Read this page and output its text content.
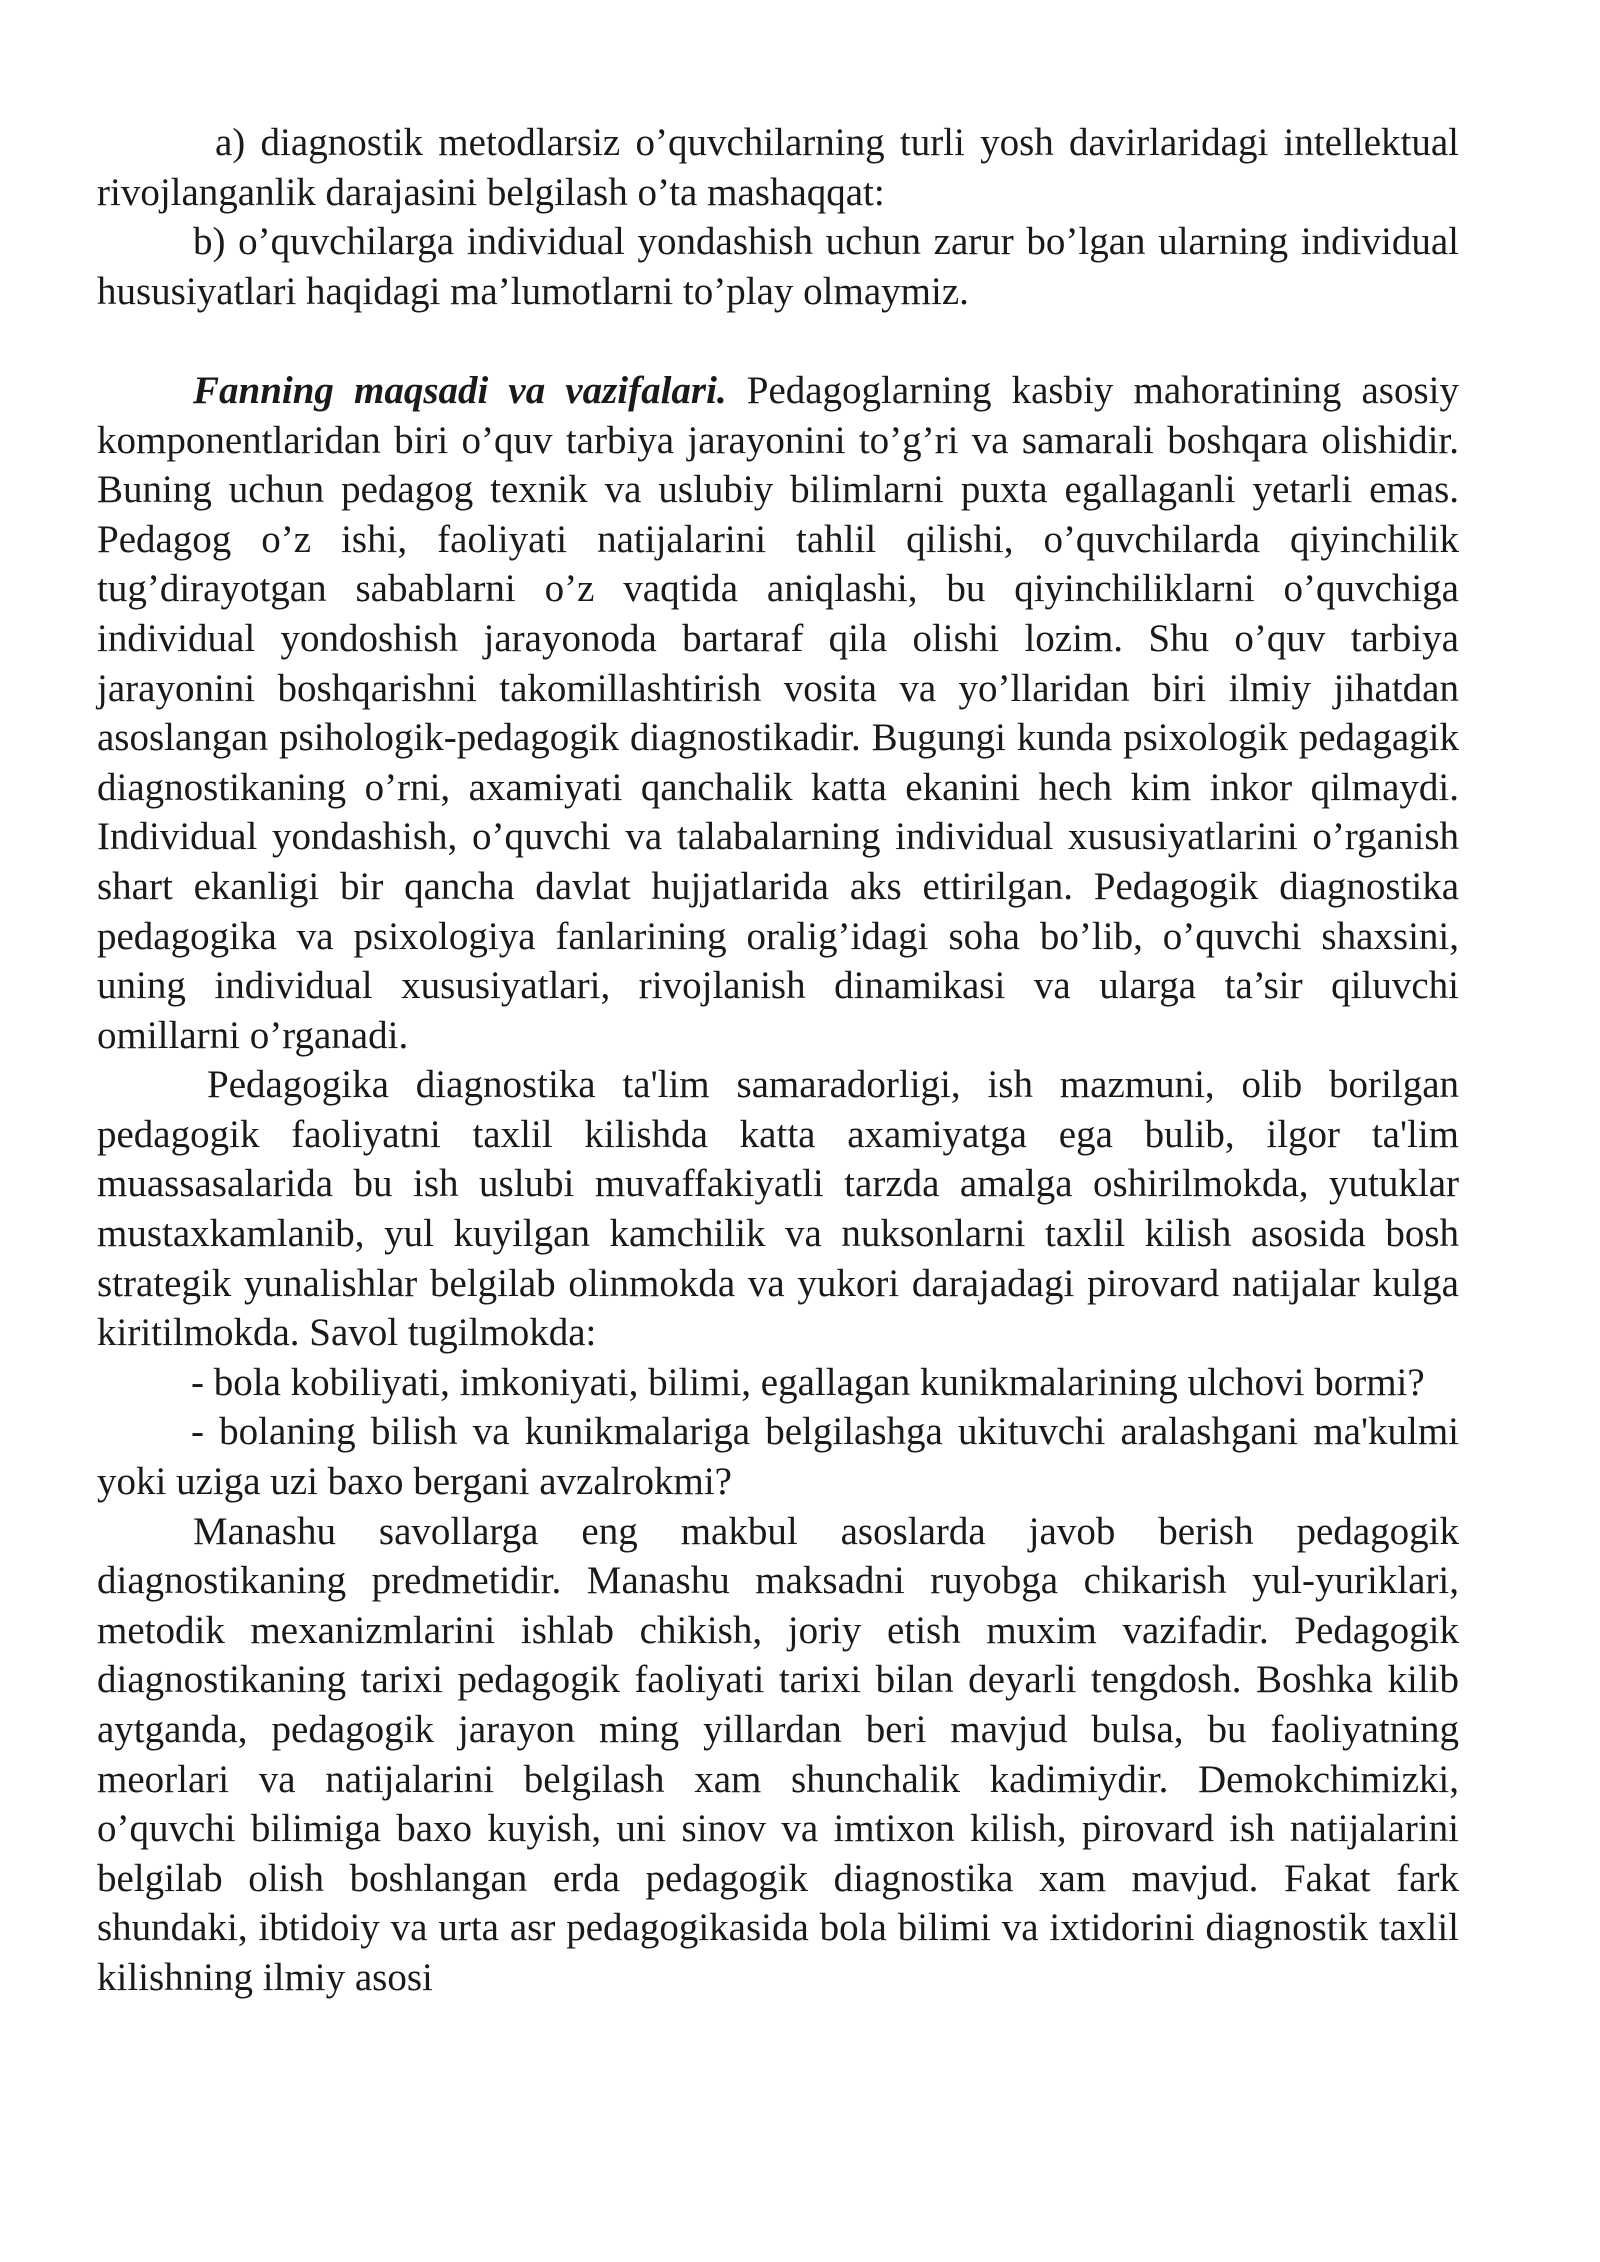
a) diagnostik metodlarsiz o’quvchilarning turli yosh davirlaridagi intellektual rivojlanganlik darajasini belgilash o’ta mashaqqat:

b) o’quvchilarga individual yondashish uchun zarur bo’lgan ularning individual hususiyatlari haqidagi ma’lumotlarni to’play olmaymiz.

Fanning maqsadi va vazifalari. Pedagoglarning kasbiy mahoratining asosiy komponentlaridan biri o’quv tarbiya jarayonini to’g’ri va samarali boshqara olishidir. Buning uchun pedagog texnik va uslubiy bilimlarni puxta egallaganli yetarli emas. Pedagog o’z ishi, faoliyati natijalarini tahlil qilishi, o’quvchilarda qiyinchilik tug’dirayotgan sabablarni o’z vaqtida aniqlashi, bu qiyinchiliklarni o’quvchiga individual yondoshish jarayonoda bartaraf qila olishi lozim. Shu o’quv tarbiya jarayonini boshqarishni takomillashtirish vosita va yo’llaridan biri ilmiy jihatdan asoslangan psihologik-pedagogik diagnostikadir. Bugungi kunda psixologik pedagagik diagnostikaning o’rni, axamiyati qanchalik katta ekanini hech kim inkor qilmaydi. Individual yondashish, o’quvchi va talabalarning individual xususiyatlarini o’rganish shart ekanligi bir qancha davlat hujjatlarida aks ettirilgan. Pedagogik diagnostika pedagogika va psixologiya fanlarining oralig’idagi soha bo’lib, o’quvchi shaxsini, uning individual xususiyatlari, rivojlanish dinamikasi va ularga ta’sir qiluvchi omillarni o’rganadi.

Pedagogika diagnostika ta'lim samaradorligi, ish mazmuni, olib borilgan pedagogik faoliyatni taxlil kilishda katta axamiyatga ega bulib, ilgor ta'lim muassasalarida bu ish uslubi muvaffakiyatli tarzda amalga oshirilmokda, yutuklar mustaxkamlanib, yul kuyilgan kamchilik va nuksonlarni taxlil kilish asosida bosh strategik yunalishlar belgilab olinmokda va yukori darajadagi pirovard natijalar kulga kiritilmokda. Savol tugilmokda:

- bola kobiliyati, imkoniyati, bilimi, egallagan kunikmalarining ulchovi bormi?

- bolaning bilish va kunikmalariga belgilashga ukituvchi aralashgani ma'kulmi yoki uziga uzi baxo bergani avzalrokmi?

Manashu savollarga eng makbul asoslarda javob berish pedagogik diagnostikaning predmetidir. Manashu maksadni ruyobga chikarish yul-yuriklari, metodik mexanizmlarini ishlab chikish, joriy etish muxim vazifadir. Pedagogik diagnostikaning tarixi pedagogik faoliyati tarixi bilan deyarli tengdosh. Boshka kilib aytganda, pedagogik jarayon ming yillardan beri mavjud bulsa, bu faoliyatning meorlari va natijalarini belgilash xam shunchalik kadimiydir. Demokchimizki, o’quvchi bilimiga baxo kuyish, uni sinov va imtixon kilish, pirovard ish natijalarini belgilab olish boshlangan erda pedagogik diagnostika xam mavjud. Fakat fark shundaki, ibtidoiy va urta asr pedagogikasida bola bilimi va ixtidorini diagnostik taxlil kilishning ilmiy asosi
